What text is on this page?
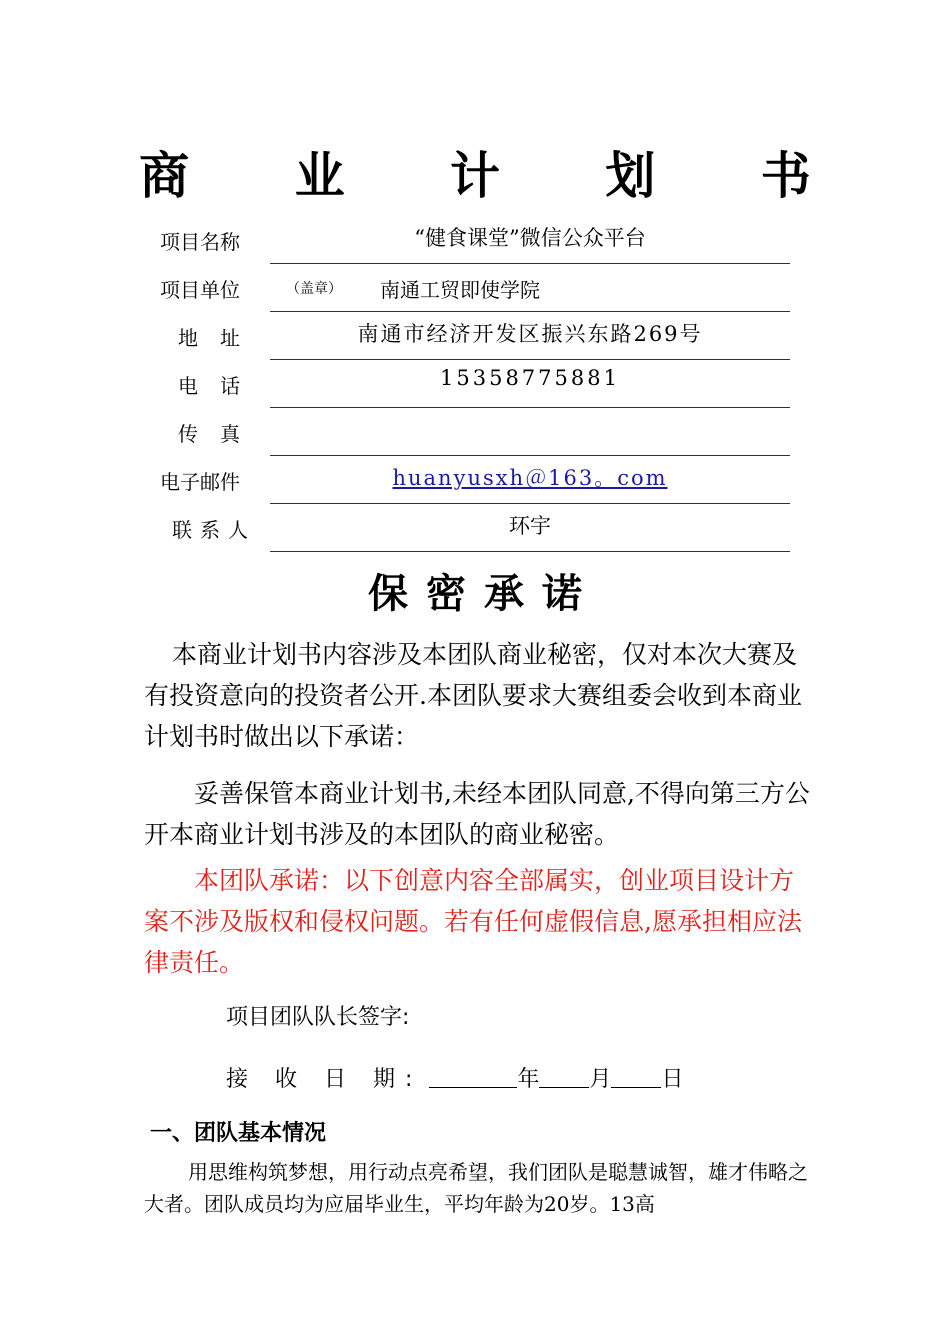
商 业 计 划 书
项目名称	“健食课堂”微信公众平台
项目单位	（盖章） 南通工贸即使学院
地址	南通市经济开发区振兴东路269号
电话	15358775881
传真
电子邮件	huanyusxh＠163。com
联系人	环宇
保密承诺
本商业计划书内容涉及本团队商业秘密，仅对本次大赛及有投资意向的投资者公开.本团队要求大赛组委会收到本商业计划书时做出以下承诺：
妥善保管本商业计划书,未经本团队同意,不得向第三方公开本商业计划书涉及的本团队的商业秘密。
本团队承诺：以下创意内容全部属实，创业项目设计方案不涉及版权和侵权问题。若有任何虚假信息,愿承担相应法律责任。
项目团队队长签字:
接 收 日 期:	年 月 日
一、团队基本情况
用思维构筑梦想，用行动点亮希望，我们团队是聪慧诚智，雄才伟略之大者。团队成员均为应届毕业生，平均年龄为20岁。13高
